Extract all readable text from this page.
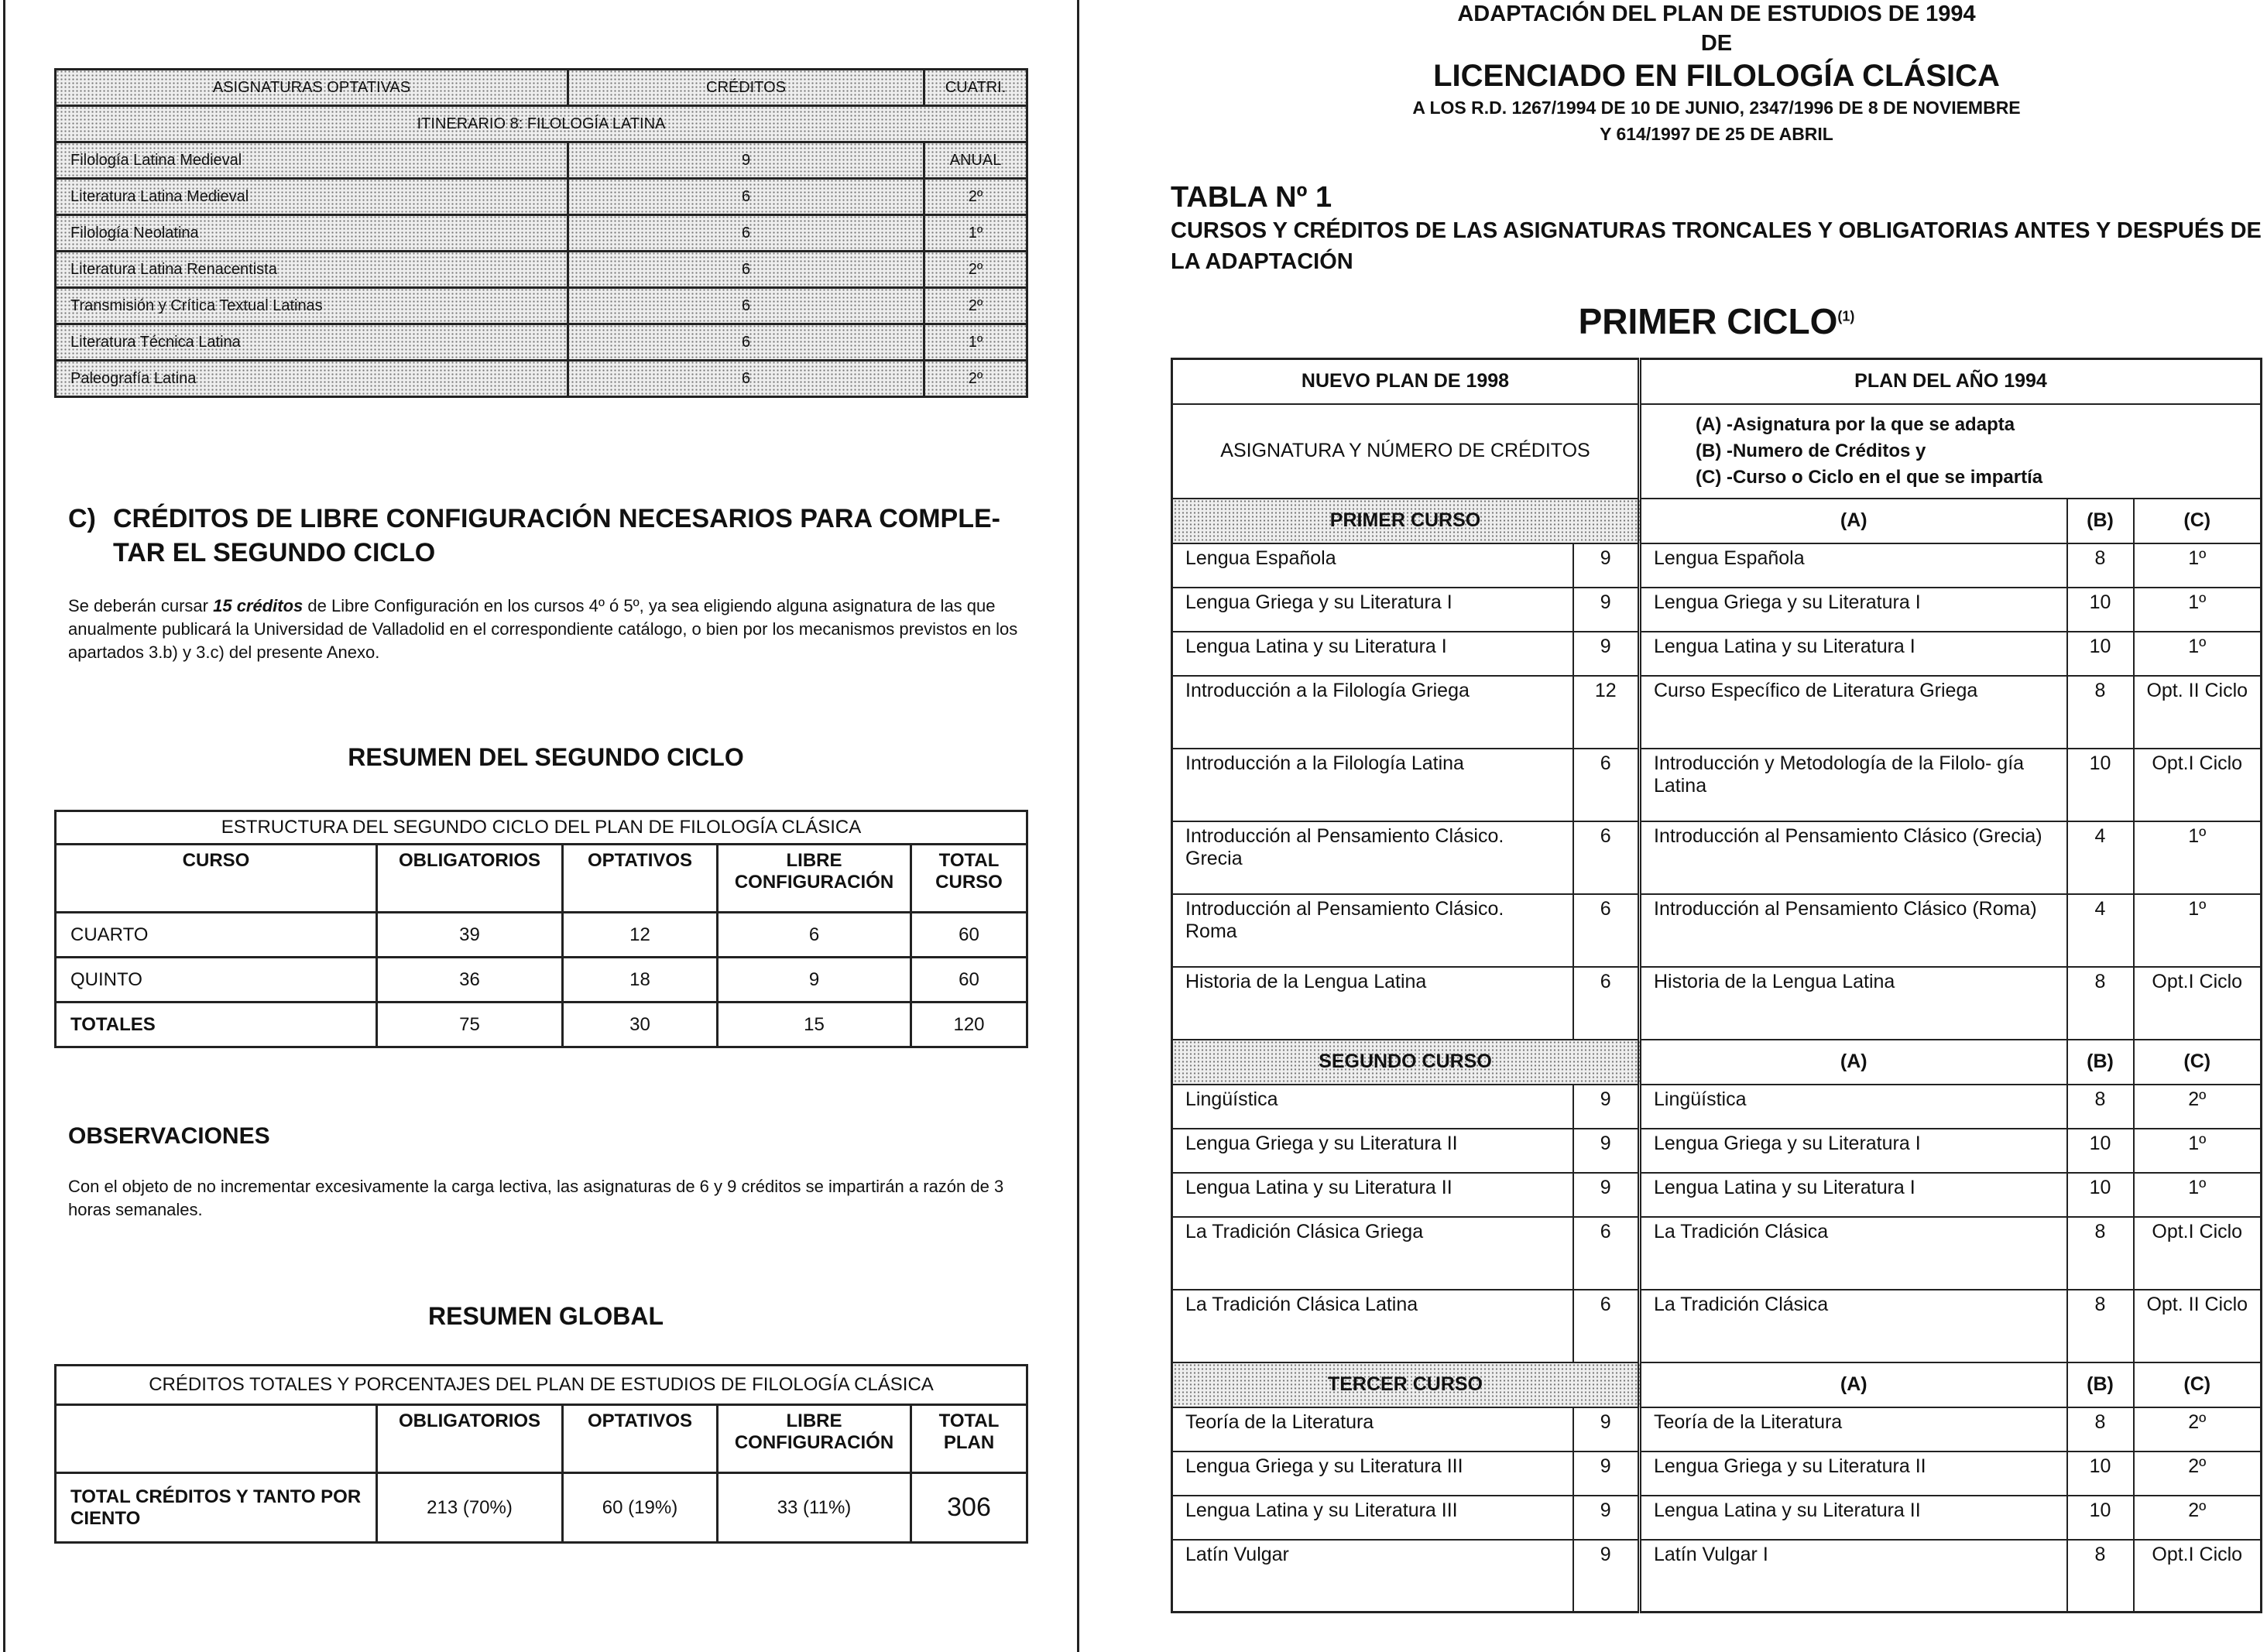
ASIGNATURAS OPTATIVAS	CRÉDITOS	CUATRI.
ITINERARIO 8: FILOLOGÍA LATINA		
Filología Latina Medieval	9	ANUAL
Literatura Latina Medieval	6	2º
Filología Neolatina	6	1º
Literatura Latina Renacentista	6	2º
Transmisión y Crítica Textual Latinas	6	2º
Literatura Técnica Latina	6	1º
Paleografía Latina	6	2º
C) CRÉDITOS DE LIBRE CONFIGURACIÓN NECESARIOS PARA COMPLE-
TAR EL SEGUNDO CICLO
Se deberán cursar 15 créditos de Libre Configuración en los cursos 4º ó 5º, ya sea eligiendo alguna asignatura de las que anualmente publicará la Universidad de Valladolid en el correspondiente catálogo, o bien por los mecanismos previstos en los apartados 3.b) y 3.c) del presente Anexo.
RESUMEN DEL SEGUNDO CICLO
ESTRUCTURA DEL SEGUNDO CICLO DEL PLAN DE FILOLOGÍA CLÁSICA				
CURSO	OBLIGATORIOS	OPTATIVOS	LIBRE CONFIGURACIÓN	TOTAL CURSO
CUARTO	39	12	6	60
QUINTO	36	18	9	60
TOTALES	75	30	15	120
OBSERVACIONES
Con el objeto de no incrementar excesivamente la carga lectiva, las asignaturas de 6 y 9 créditos se impartirán a razón de 3 horas semanales.
RESUMEN GLOBAL
CRÉDITOS TOTALES Y PORCENTAJES DEL PLAN DE ESTUDIOS DE FILOLOGÍA CLÁSICA				
	OBLIGATORIOS	OPTATIVOS	LIBRE CONFIGURACIÓN	TOTAL PLAN
TOTAL CRÉDITOS Y TANTO POR CIENTO	213 (70%)	60 (19%)	33 (11%)	306
ADAPTACIÓN DEL PLAN DE ESTUDIOS DE 1994
DE
LICENCIADO EN FILOLOGÍA CLÁSICA
A LOS R.D. 1267/1994 DE 10 DE JUNIO, 2347/1996 DE 8 DE NOVIEMBRE
Y 614/1997 DE 25 DE ABRIL
TABLA Nº 1
CURSOS Y CRÉDITOS DE LAS ASIGNATURAS TRONCALES Y OBLIGATORIAS ANTES Y DESPUÉS DE LA ADAPTACIÓN
PRIMER CICLO$^{(1)}$
NUEVO PLAN DE 1998		PLAN DEL AÑO 1994		
ASIGNATURA Y NÚMERO DE CRÉDITOS		(A) -Asignatura por la que se adapta
(B) -Numero de Créditos y
(C) -Curso o Ciclo en el que se impartía		

PRIMER CURSO		(A)	(B)	(C)
Lengua Española	9	Lengua Española	8	1º
Lengua Griega y su Literatura I	9	Lengua Griega y su Literatura I	10	1º
Lengua Latina y su Literatura I	9	Lengua Latina y su Literatura I	10	1º
Introducción a la Filología Griega	12	Curso Específico de Literatura Griega	8	Opt. II Ciclo
Introducción a la Filología Latina	6	Introducción y Metodología de la Filolo- gía Latina	10	Opt.I Ciclo
Introducción al Pensamiento Clásico. Grecia	6	Introducción al Pensamiento Clásico (Grecia)	4	1º
Introducción al Pensamiento Clásico. Roma	6	Introducción al Pensamiento Clásico (Roma)	4	1º
Historia de la Lengua Latina	6	Historia de la Lengua Latina	8	Opt.I Ciclo
SEGUNDO CURSO		(A)	(B)	(C)
Lingüística	9	Lingüística	8	2º
Lengua Griega y su Literatura II	9	Lengua Griega y su Literatura I	10	1º
Lengua Latina y su Literatura II	9	Lengua Latina y su Literatura I	10	1º
La Tradición Clásica Griega	6	La Tradición Clásica	8	Opt.I Ciclo
La Tradición Clásica Latina	6	La Tradición Clásica	8	Opt. II Ciclo
TERCER CURSO		(A)	(B)	(C)
Teoría de la Literatura	9	Teoría de la Literatura	8	2º
Lengua Griega y su Literatura III	9	Lengua Griega y su Literatura II	10	2º
Lengua Latina y su Literatura III	9	Lengua Latina y su Literatura II	10	2º
Latín Vulgar	9	Latín Vulgar I	8	Opt.I Ciclo
